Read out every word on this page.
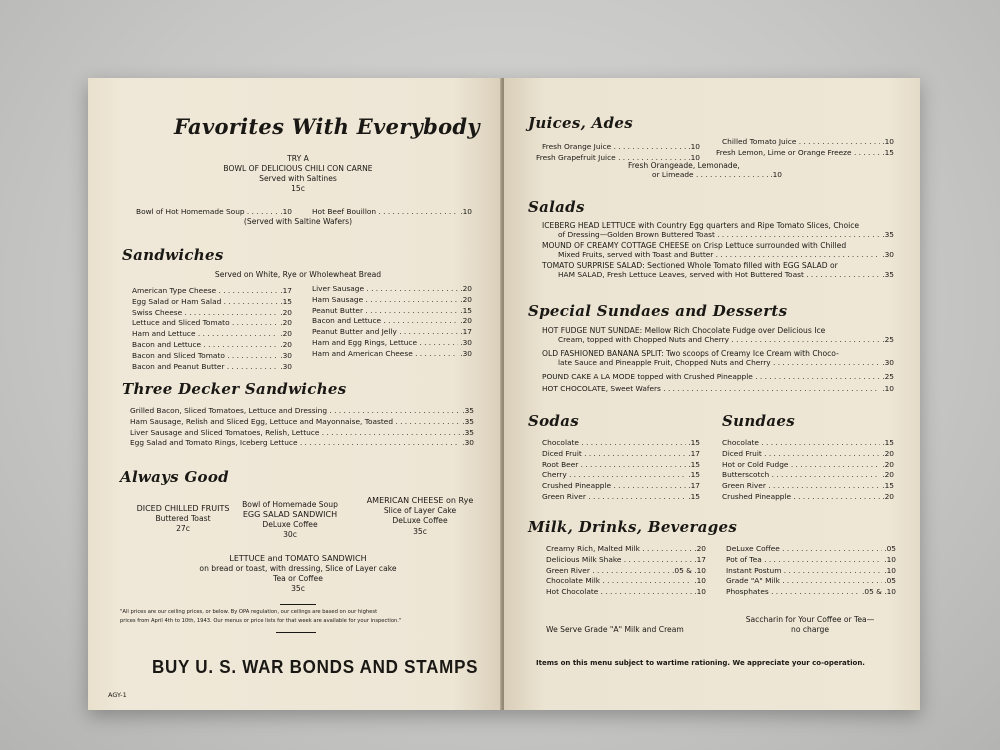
Favorites With Everybody
TRY A
BOWL OF DELICIOUS CHILI CON CARNE
Served with Saltines
15c
Bowl of Hot Homemade Soup . . .	.10	Hot Beef Bouillon . . .	.10
(Served with Saltine Wafers)
Sandwiches
Served on White, Rye or Wholewheat Bread
American Type Cheese . . .	.17
Egg Salad or Ham Salad . . .	.15
Swiss Cheese . . .	.20
Lettuce and Sliced Tomato . . .	.20
Ham and Lettuce . . .	.20
Bacon and Lettuce . . .	.20
Bacon and Sliced Tomato . . .	.30
Bacon and Peanut Butter . . .	.30
Liver Sausage . . .	.20
Ham Sausage . . .	.20
Peanut Butter . . .	.15
Bacon and Lettuce . . .	.20
Peanut Butter and Jelly . . .	.17
Ham and Egg Rings, Lettuce . . .	.30
Ham and American Cheese . . .	.30
Three Decker Sandwiches
Grilled Bacon, Sliced Tomatoes, Lettuce and Dressing . . .	.35
Ham Sausage, Relish and Sliced Egg, Lettuce and Mayonnaise, Toasted . . .	.35
Liver Sausage and Sliced Tomatoes, Relish, Lettuce . . .	.35
Egg Salad and Tomato Rings, Iceberg Lettuce . . .	.30
Always Good
DICED CHILLED FRUITS
Buttered Toast
27c
Bowl of Homemade Soup
EGG SALAD SANDWICH
DeLuxe Coffee
30c
AMERICAN CHEESE on Rye
Slice of Layer Cake
DeLuxe Coffee
35c
LETTUCE and TOMATO SANDWICH
on bread or toast, with dressing, Slice of Layer cake
Tea or Coffee
35c
"All prices are our ceiling prices, or below. By OPA regulation, our ceilings are based on our highest
prices from April 4th to 10th, 1943. Our menus or price lists for that week are available for your inspection."
BUY U. S. WAR BONDS AND STAMPS
AGY-1
Juices, Ades
Fresh Orange Juice . . .	.10
Fresh Grapefruit Juice . . .	.10
Chilled Tomato Juice . . .	.10
Fresh Lemon, Lime or Orange Freeze . . .	.15
Fresh Orangeade, Lemonade,
or Limeade . . .	.10
Salads
ICEBERG HEAD LETTUCE with Country Egg quarters and Ripe Tomato Slices, Choice
of Dressing—Golden Brown Buttered Toast . . .	.35
MOUND OF CREAMY COTTAGE CHEESE on Crisp Lettuce surrounded with Chilled
Mixed Fruits, served with Toast and Butter . . .	.30
TOMATO SURPRISE SALAD: Sectioned Whole Tomato filled with EGG SALAD or
HAM SALAD, Fresh Lettuce Leaves, served with Hot Buttered Toast . . .	.35
Special Sundaes and Desserts
HOT FUDGE NUT SUNDAE: Mellow Rich Chocolate Fudge over Delicious Ice
Cream, topped with Chopped Nuts and Cherry . . .	.25
OLD FASHIONED BANANA SPLIT: Two scoops of Creamy Ice Cream with Choco-
late Sauce and Pineapple Fruit, Chopped Nuts and Cherry . . .	.30
POUND CAKE A LA MODE topped with Crushed Pineapple . . .	.25
HOT CHOCOLATE, Sweet Wafers . . .	.10
Sodas
Chocolate . . .	.15
Diced Fruit . . .	.17
Root Beer . . .	.15
Cherry . . .	.15
Crushed Pineapple . . .	.17
Green River . . .	.15
Sundaes
Chocolate . . .	.15
Diced Fruit . . .	.20
Hot or Cold Fudge . . .	.20
Butterscotch . . .	.20
Green River . . .	.15
Crushed Pineapple . . .	.20
Milk, Drinks, Beverages
Creamy Rich, Malted Milk . . .	.20
Delicious Milk Shake . . .	.17
Green River . . .	.05 & .10
Chocolate Milk . . .	.10
Hot Chocolate . . .	.10
DeLuxe Coffee . . .	.05
Pot of Tea . . .	.10
Instant Postum . . .	.10
Grade "A" Milk . . .	.05
Phosphates . . .	.05 & .10
We Serve Grade "A" Milk and Cream
Saccharin for Your Coffee or Tea—
no charge
Items on this menu subject to wartime rationing. We appreciate your co-operation.
